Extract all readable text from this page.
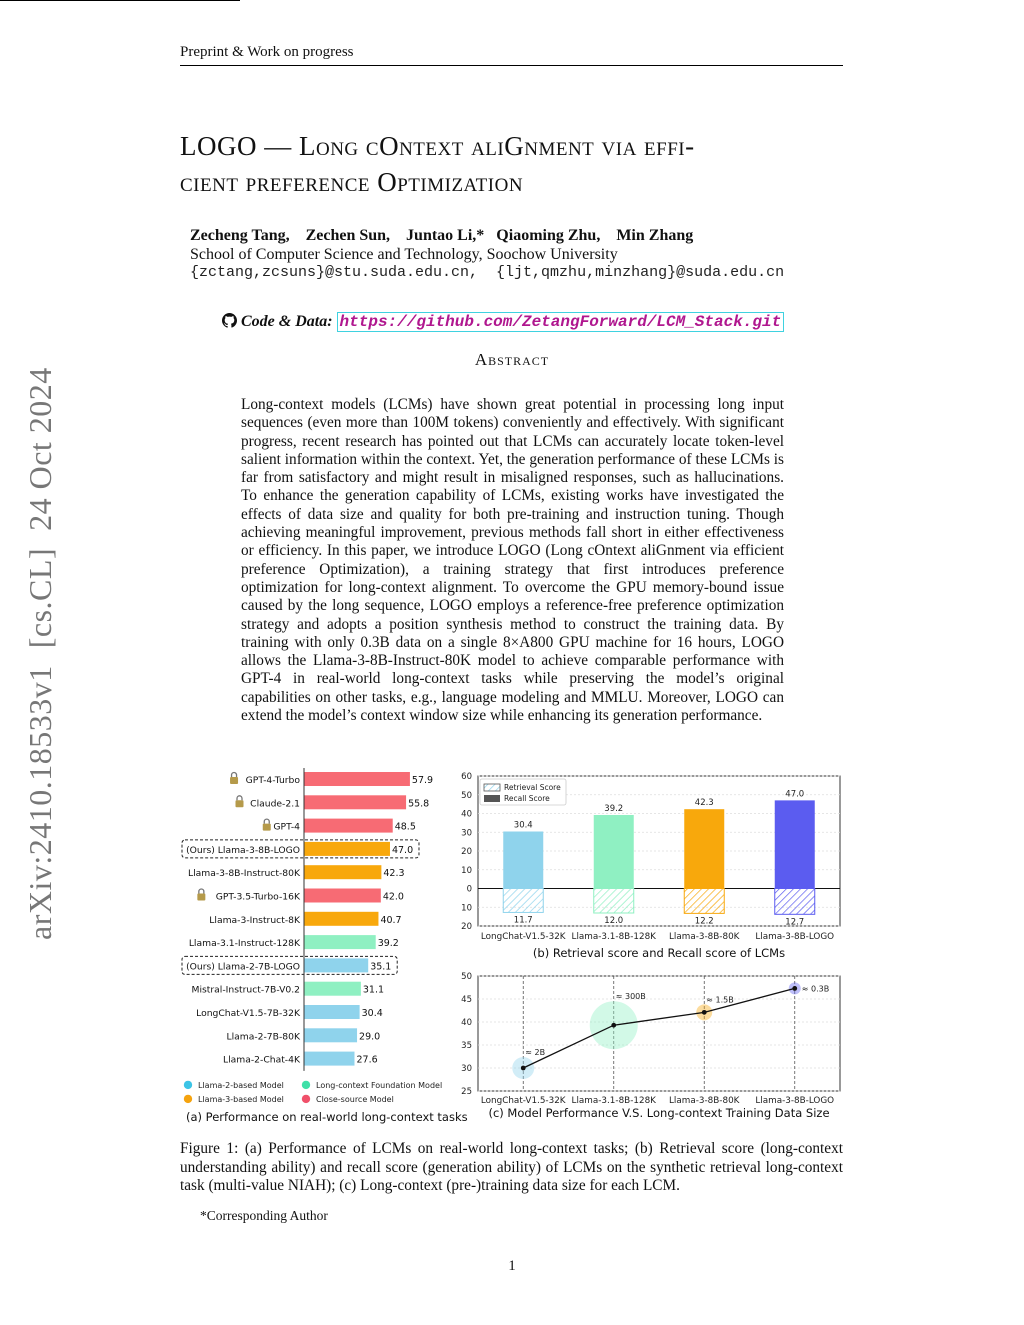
Preprint & Work on progress
LOGO — Long cOntext aliGnment via effi-
cient preference Optimization
Zecheng Tang,    Zechen Sun,    Juntao Li,*   Qiaoming Zhu,    Min Zhang
School of Computer Science and Technology, Soochow University
{zctang,zcsuns}@stu.suda.edu.cn,  {ljt,qmzhu,minzhang}@suda.edu.cn
Code & Data: https://github.com/ZetangForward/LCM_Stack.git
Abstract
Long-context models (LCMs) have shown great potential in processing long input sequences (even more than 100M tokens) conveniently and effectively. With significant progress, recent research has pointed out that LCMs can accurately locate token-level salient information within the context. Yet, the generation performance of these LCMs is far from satisfactory and might result in misaligned responses, such as hallucinations. To enhance the generation capability of LCMs, existing works have investigated the effects of data size and quality for both pre-training and instruction tuning. Though achieving meaningful improvement, previous methods fall short in either effectiveness or efficiency. In this paper, we introduce LOGO (Long cOntext aliGnment via efficient preference Optimization), a training strategy that first introduces preference optimization for long-context alignment. To overcome the GPU memory-bound issue caused by the long sequence, LOGO employs a reference-free preference optimization strategy and adopts a position synthesis method to construct the training data. By training with only 0.3B data on a single 8×A800 GPU machine for 16 hours, LOGO allows the Llama-3-8B-Instruct-80K model to achieve comparable performance with GPT-4 in real-world long-context tasks while preserving the model’s original capabilities on other tasks, e.g., language modeling and MMLU. Moreover, LOGO can extend the model’s context window size while enhancing its generation performance.
arXiv:2410.18533v1  [cs.CL]  24 Oct 2024	GPT-4-Turbo	57.9
Claude-2.1	55.8
GPT-4	48.5
(Ours) Llama-3-8B-LOGO	47.0
Llama-3-8B-Instruct-80K	42.3
GPT-3.5-Turbo-16K	42.0
Llama-3-Instruct-8K	40.7
Llama-3.1-Instruct-128K	39.2
(Ours) Llama-2-7B-LOGO	35.1
Mistral-Instruct-7B-V0.2	31.1
LongChat-V1.5-7B-32K	30.4
Llama-2-7B-80K	29.0
Llama-2-Chat-4K	27.6
Llama-2-based Model	Long-context Foundation Model
Llama-3-based Model	Close-source Model
(a) Performance on real-world long-context tasks
60
50
40
30
20
10
0
10
20
30.4
11.7
LongChat-V1.5-32K
39.2
12.0
Llama-3.1-8B-128K
42.3
12.2
Llama-3-8B-80K
47.0
12.7
Llama-3-8B-LOGO
Retrieval Score
Recall Score
(b) Retrieval score and Recall score of LCMs
50
45
40
35
30
25
≈ 2B
LongChat-V1.5-32K
≈ 300B
Llama-3.1-8B-128K
≈ 1.5B
Llama-3-8B-80K
≈ 0.3B
Llama-3-8B-LOGO
(c) Model Performance V.S. Long-context Training Data Size
Figure 1: (a) Performance of LCMs on real-world long-context tasks; (b) Retrieval score (long-context understanding ability) and recall score (generation ability) of LCMs on the synthetic retrieval long-context task (multi-value NIAH); (c) Long-context (pre-)training data size for each LCM.
*Corresponding Author
1
